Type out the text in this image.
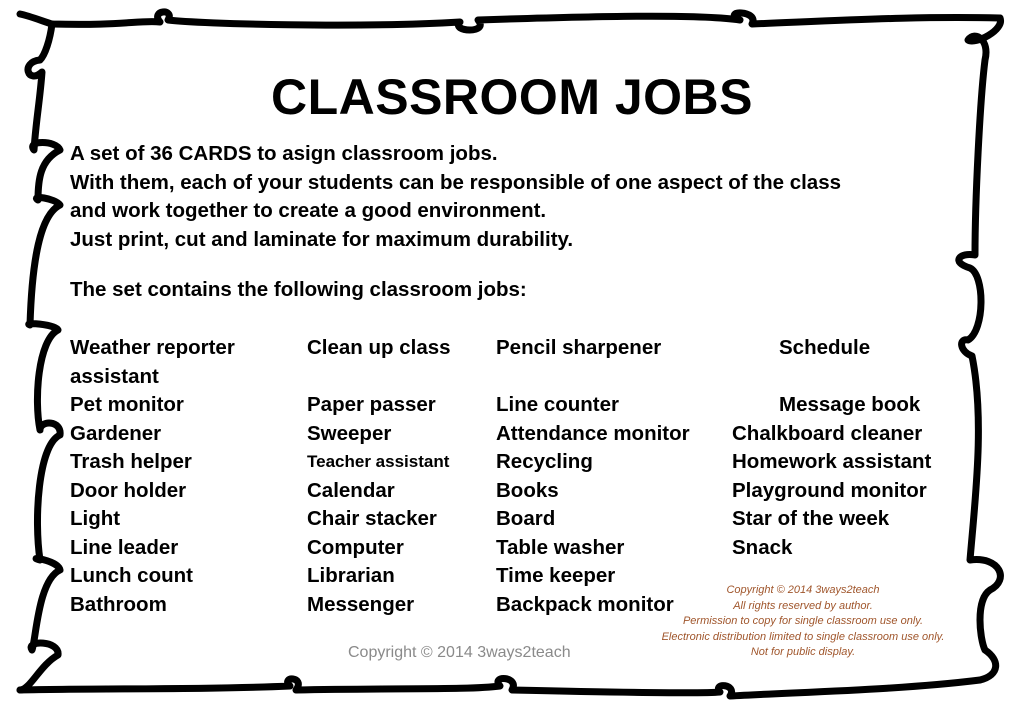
CLASSROOM JOBS
A set of 36 CARDS to asign classroom jobs.
With them, each of your students can be responsible of one aspect of the class
and work together to create a good environment.
Just print, cut and laminate for maximum durability.
The set contains the following classroom jobs:
Weather reporter
assistant
Pet monitor
Gardener
Trash helper
Door holder
Light
Line leader
Lunch count
Bathroom
Clean up class
Paper passer
Sweeper
Teacher assistant
Calendar
Chair stacker
Computer
Librarian
Messenger
Pencil sharpener
Line counter
Attendance monitor
Recycling
Books
Board
Table washer
Time keeper
Backpack monitor
Schedule
Message book
Chalkboard cleaner
Homework assistant
Playground monitor
Star of the week
Snack
Copyright © 2014 3ways2teach
All rights reserved by author.
Permission to copy for single classroom use only.
Electronic distribution limited to single classroom use only.
Not for public display.
Copyright © 2014 3ways2teach
